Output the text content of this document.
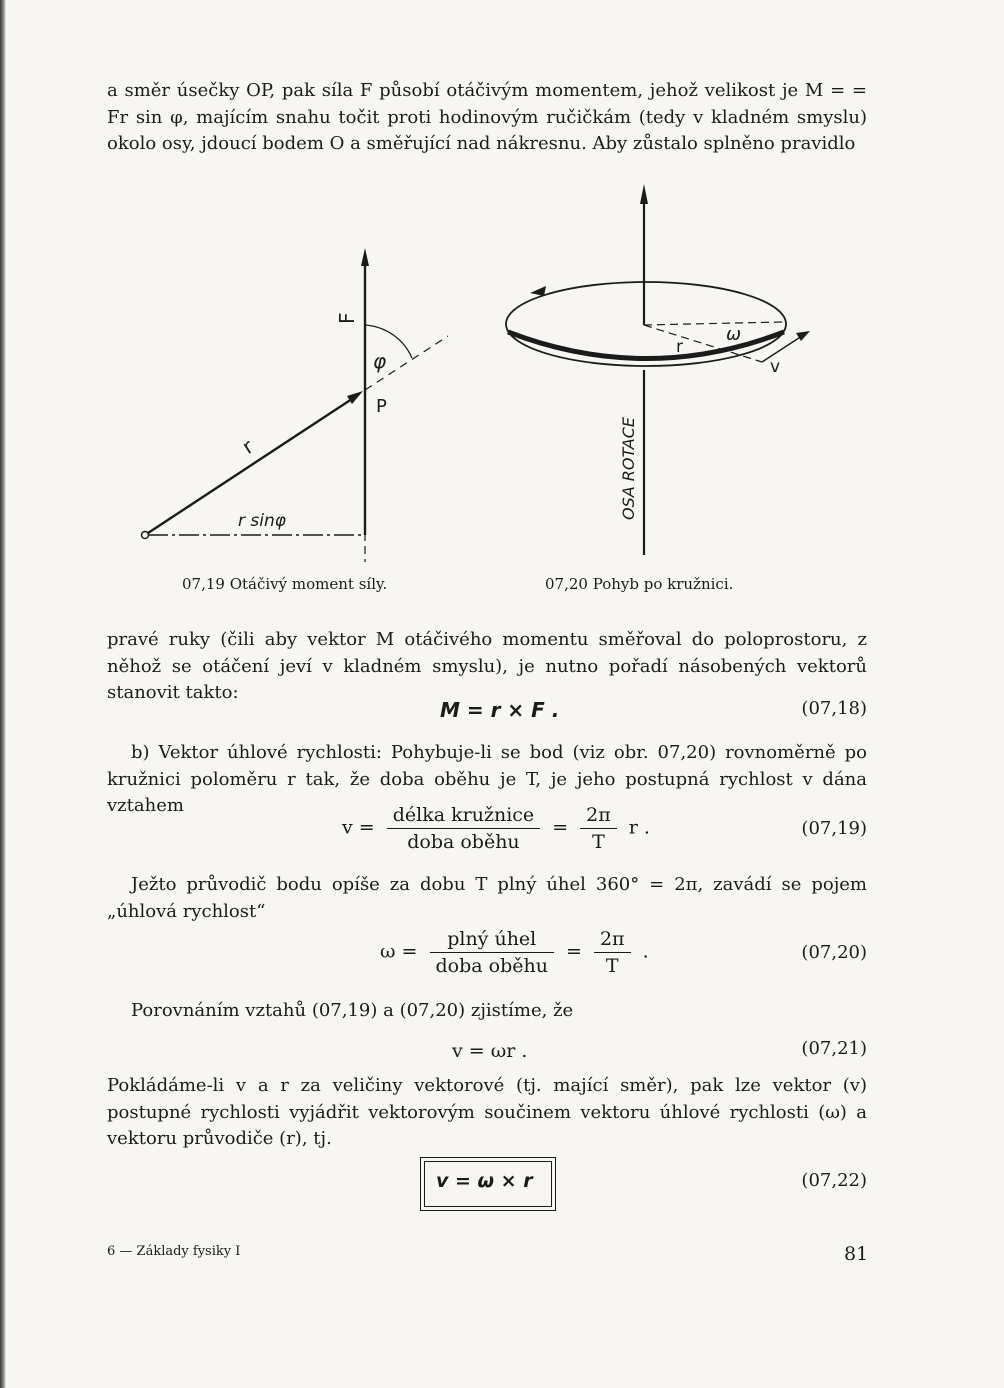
a směr úsečky OP, pak síla F působí otáčivým momentem, jehož velikost je M = = Fr sin φ, majícím snahu točit proti hodinovým ručičkám (tedy v kladném smyslu) okolo osy, jdoucí bodem O a směřující nad nákresnu. Aby zůstalo splněno pravidlo

F
φ
P
r
r sinφ
07,19 Otáčivý moment síly.
ω
r
v
OSA ROTACE
07,20 Pohyb po kružnici.

pravé ruky (čili aby vektor M otáčivého momentu směřoval do poloprostoru, z něhož se otáčení jeví v kladném smyslu), je nutno pořadí násobených vektorů stanovit takto:

M = r × F .	(07,18)

b) Vektor úhlové rychlosti: Pohybuje-li se bod (viz obr. 07,20) rovnoměrně po kružnici poloměru r tak, že doba oběhu je T, je jeho postupná rychlost v dána vztahem

$v = \frac{\text{délka kružnice}}{\text{doba oběhu}} = \frac{2\pi}{T}$ r .	(07,19)

Ježto průvodič bodu opíše za dobu T plný úhel 360° = 2π, zavádí se pojem „úhlová rychlost“

$\omega = \frac{\text{plný úhel}}{\text{doba oběhu}} = \frac{2\pi}{T}$ .	(07,20)

Porovnáním vztahů (07,19) a (07,20) zjistíme, že

v = ωr .	(07,21)

Pokládáme-li v a r za veličiny vektorové (tj. mající směr), pak lze vektor (v) postupné rychlosti vyjádřit vektorovým součinem vektoru úhlové rychlosti (ω) a vektoru průvodiče (r), tj.

v = ω × r	(07,22)
6 — Základy fysiky I	81
